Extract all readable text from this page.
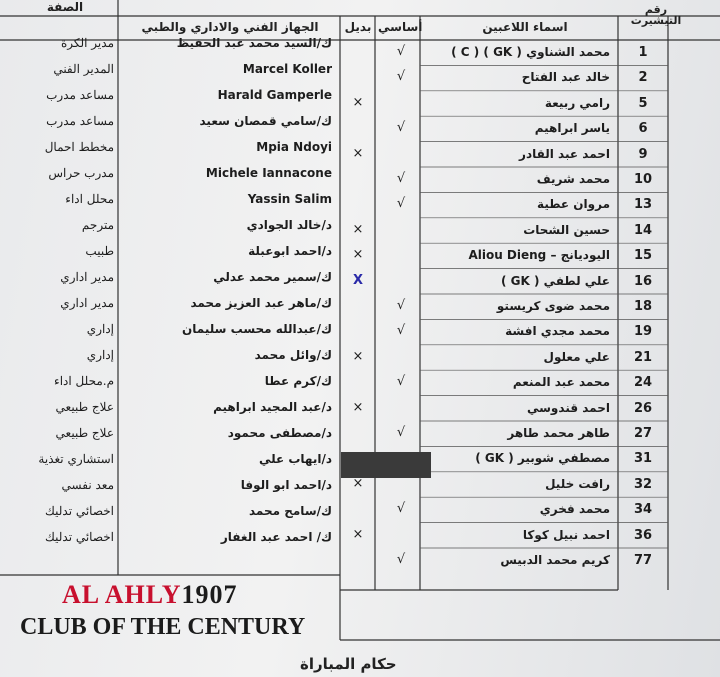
رقم التيشيرت
اسماء اللاعبين
أساسي
بديل
الجهاز الفني والاداري والطبي
الصفة
1
محمد الشناوي ( GK ) ( C )
√
2
خالد عبد الفتاح
√
5
رامي ربيعة
×
6
ياسر ابراهيم
√
9
احمد عبد القادر
×
10
محمد شريف
√
13
مروان عطية
√
14
حسين الشحات
×
15
اليوديانج – Aliou Dieng
×
16
علي لطفي ( GK )
X
18
محمد ضوى كريستو
√
19
محمد مجدي افشة
√
21
علي معلول
×
24
محمد عبد المنعم
√
26
احمد قندوسي
×
27
طاهر محمد طاهر
√
31
مصطفي شوبير ( GK )
32
رافت خليل
×
34
محمد فخري
√
36
احمد نبيل كوكا
×
77
كريم محمد الدبيس
√
ك/السيد محمد عبد الحفيظ
مدير الكرة
Marcel Koller
المدير الفني
Harald Gamperle
مساعد مدرب
ك/سامي قمصان سعيد
مساعد مدرب
Mpia Ndoyi
مخطط احمال
Michele Iannacone
مدرب حراس
Yassin Salim
محلل اداء
د/خالد الجوادي
مترجم
د/احمد ابوعبلة
طبيب
ك/سمير محمد عدلي
مدير اداري
ك/ماهر عبد العزيز محمد
مدير اداري
ك/عبدالله محسب سليمان
إداري
ك/وائل محمد
إداري
ك/كرم عطا
م.محلل اداء
د/عبد المجيد ابراهيم
علاج طبيعي
د/مصطفى محمود
علاج طبيعي
د/ايهاب علي
استشاري تغذية
د/احمد ابو الوفا
معد نفسي
ك/سامح محمد
اخصائي تدليك
ك/ احمد عبد الغفار
اخصائي تدليك
AL AHLY1907
CLUB OF THE CENTURY
حكام المباراة
